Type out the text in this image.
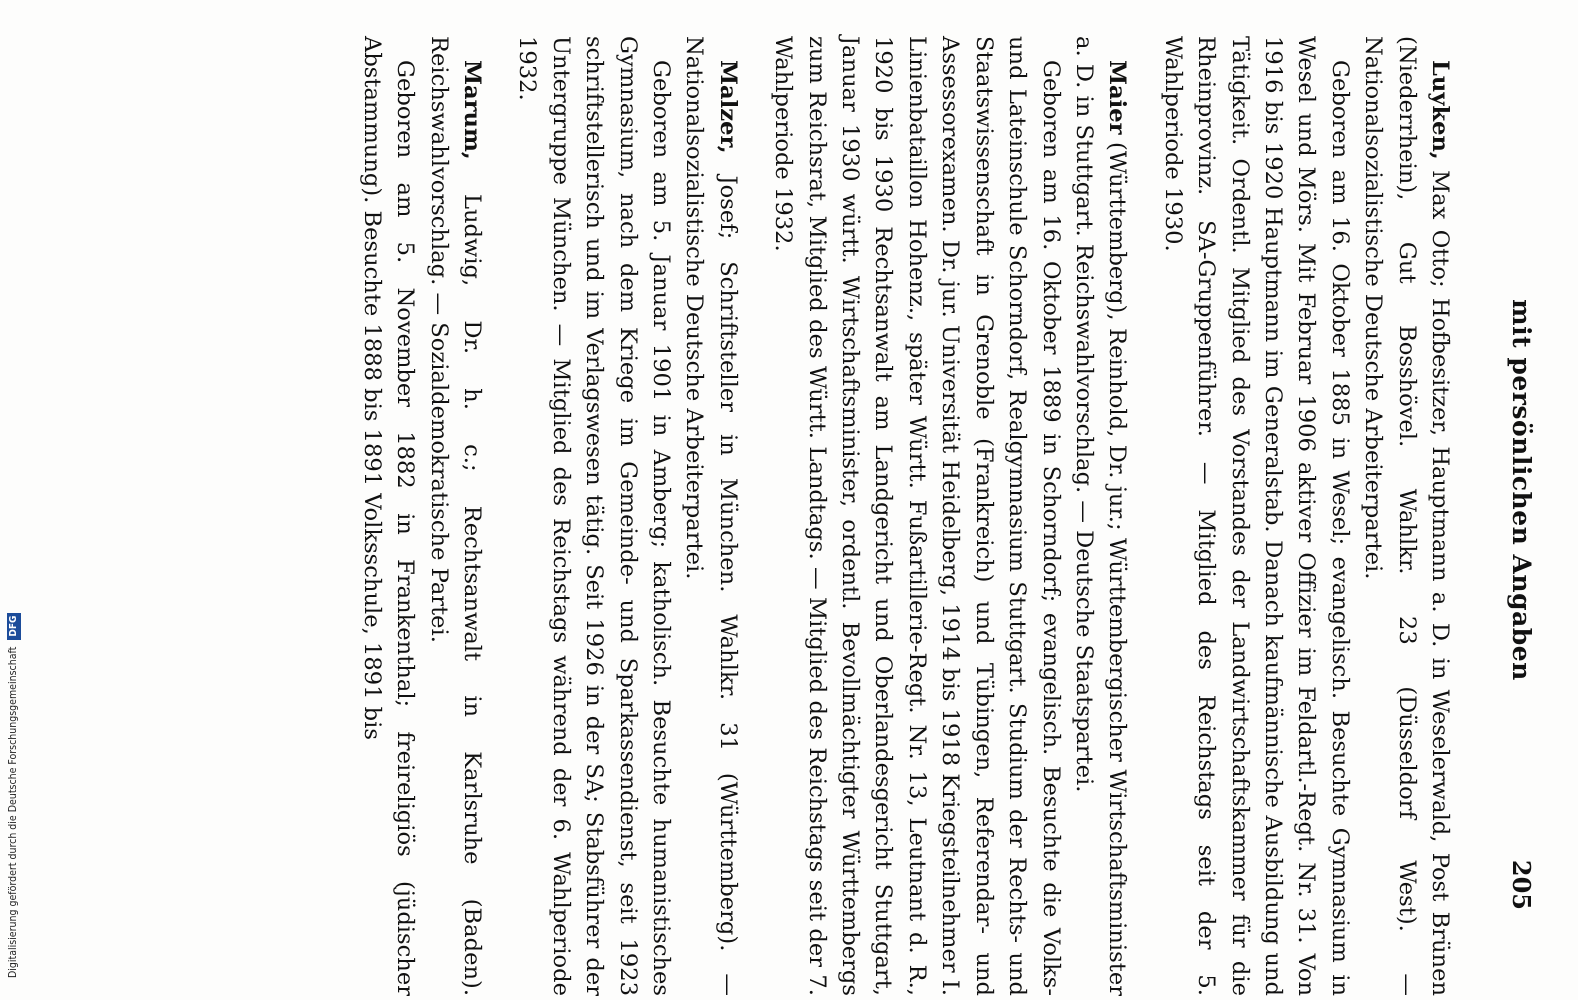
mit persönlichen Angaben
205

Luyken, Max Otto; Hofbesitzer, Hauptmann a. D. in Weselerwald, Post Brünen (Niederrhein), Gut Bosshövel. Wahlkr. 23 (Düsseldorf West). — Nationalsozialistische Deutsche Arbeiterpartei.

Geboren am 16. Oktober 1885 in Wesel; evangelisch. Besuchte Gymnasium in Wesel und Mörs. Mit Februar 1906 aktiver Offizier im Feldartl.-Regt. Nr. 31. Von 1916 bis 1920 Hauptmann im Generalstab. Danach kaufmännische Ausbildung und Tätigkeit. Ordentl. Mitglied des Vorstandes der Landwirtschaftskammer für die Rheinprovinz. SA-Gruppenführer. — Mitglied des Reichstags seit der 5. Wahlperiode 1930.

Maier (Württemberg), Reinhold, Dr. jur.; Württembergischer Wirtschaftsminister a. D. in Stuttgart. Reichswahlvorschlag. — Deutsche Staatspartei.

Geboren am 16. Oktober 1889 in Schorndorf; evangelisch. Besuchte die Volks- und Lateinschule Schorndorf, Realgymnasium Stuttgart. Studium der Rechts- und Staatswissenschaft in Grenoble (Frankreich) und Tübingen, Referendar- und Assessorexamen. Dr. jur. Universität Heidelberg, 1914 bis 1918 Kriegsteilnehmer I. Linienbataillon Hohenz., später Württ. Fußartillerie-Regt. Nr. 13, Leutnant d. R., 1920 bis 1930 Rechtsanwalt am Landgericht und Oberlandesgericht Stuttgart, Januar 1930 württ. Wirtschaftsminister, ordentl. Bevollmächtigter Württembergs zum Reichsrat, Mitglied des Württ. Landtags. — Mitglied des Reichstags seit der 7. Wahlperiode 1932.

Malzer, Josef; Schriftsteller in München. Wahlkr. 31 (Württemberg). — Nationalsozialistische Deutsche Arbeiterpartei.

Geboren am 5. Januar 1901 in Amberg; katholisch. Besuchte humanistisches Gymnasium, nach dem Kriege im Gemeinde- und Sparkassendienst, seit 1923 schriftstellerisch und im Verlagswesen tätig. Seit 1926 in der SA; Stabsführer der Untergruppe München. — Mitglied des Reichstags während der 6. Wahlperiode 1932.

Marum, Ludwig, Dr. h. c.; Rechtsanwalt in Karlsruhe (Baden). Reichswahlvorschlag. — Sozialdemokratische Partei.

Geboren am 5. November 1882 in Frankenthal; freireligiös (jüdischer Abstammung). Besuchte 1888 bis 1891 Volksschule, 1891 bis

Digitalisierung gefördert durch die Deutsche Forschungsgemeinschaft DFG
